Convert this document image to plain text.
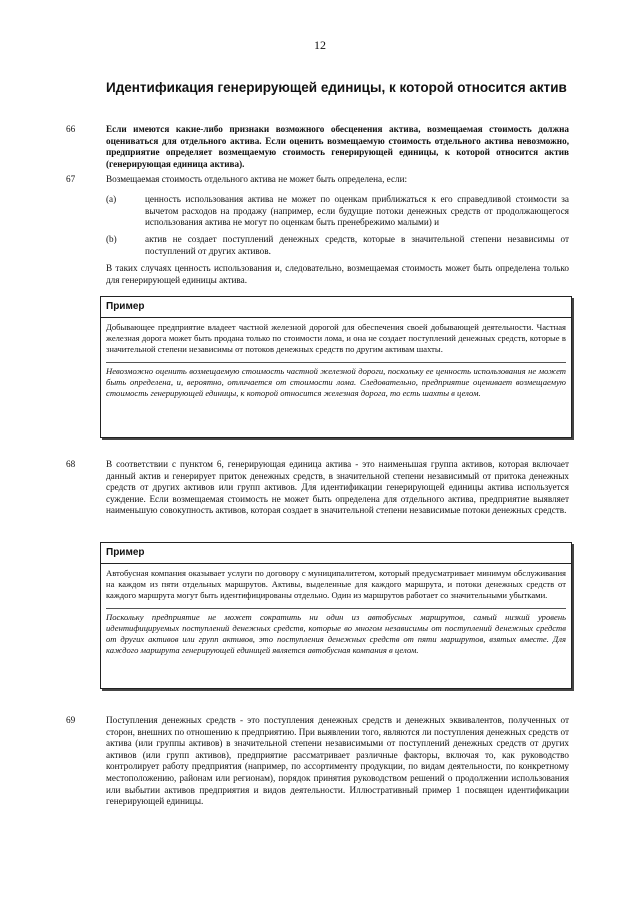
12
Идентификация генерирующей единицы, к которой относится актив
66	Если имеются какие-либо признаки возможного обесценения актива, возмещаемая стоимость должна оцениваться для отдельного актива. Если оценить возмещаемую стоимость отдельного актива невозможно, предприятие определяет возмещаемую стоимость генерирующей единицы, к которой относится актив (генерирующая единица актива).
67	Возмещаемая стоимость отдельного актива не может быть определена, если:
(a)	ценность использования актива не может по оценкам приближаться к его справедливой стоимости за вычетом расходов на продажу (например, если будущие потоки денежных средств от продолжающегося использования актива не могут по оценкам быть пренебрежимо малыми) и
(b)	актив не создает поступлений денежных средств, которые в значительной степени независимы от поступлений от других активов.
В таких случаях ценность использования и, следовательно, возмещаемая стоимость может быть определена только для генерирующей единицы актива.
Пример

Добывающее предприятие владеет частной железной дорогой для обеспечения своей добывающей деятельности. Частная железная дорога может быть продана только по стоимости лома, и она не создает поступлений денежных средств, которые в значительной степени независимы от потоков денежных средств по другим активам шахты.

Невозможно оценить возмещаемую стоимость частной железной дороги, поскольку ее ценность использования не может быть определена, и, вероятно, отличается от стоимости лома. Следовательно, предприятие оценивает возмещаемую стоимость генерирующей единицы, к которой относится железная дорога, то есть шахты в целом.

68	В соответствии с пунктом 6, генерирующая единица актива - это наименьшая группа активов, которая включает данный актив и генерирует приток денежных средств, в значительной степени независимый от притока денежных средств от других активов или групп активов. Для идентификации генерирующей единицы актива используется суждение. Если возмещаемая стоимость не может быть определена для отдельного актива, предприятие выявляет наименьшую совокупность активов, которая создает в значительной степени независимые потоки денежных средств.
Пример

Автобусная компания оказывает услуги по договору с муниципалитетом, который предусматривает минимум обслуживания на каждом из пяти отдельных маршрутов. Активы, выделенные для каждого маршрута, и потоки денежных средств от каждого маршрута могут быть идентифицированы отдельно. Один из маршрутов работает со значительными убытками.

Поскольку предприятие не может сократить ни один из автобусных маршрутов, самый низкий уровень идентифицируемых поступлений денежных средств, которые во многом независимы от поступлений денежных средств от других активов или групп активов, это поступления денежных средств от пяти маршрутов, взятых вместе. Для каждого маршрута генерирующей единицей является автобусная компания в целом.

69	Поступления денежных средств - это поступления денежных средств и денежных эквивалентов, полученных от сторон, внешних по отношению к предприятию. При выявлении того, являются ли поступления денежных средств от актива (или группы активов) в значительной степени независимыми от поступлений денежных средств от других активов (или групп активов), предприятие рассматривает различные факторы, включая то, как руководство контролирует работу предприятия (например, по ассортименту продукции, по видам деятельности, по конкретному местоположению, районам или регионам), порядок принятия руководством решений о продолжении использования или выбытии активов предприятия и видов деятельности. Иллюстративный пример 1 посвящен идентификации генерирующей единицы.
